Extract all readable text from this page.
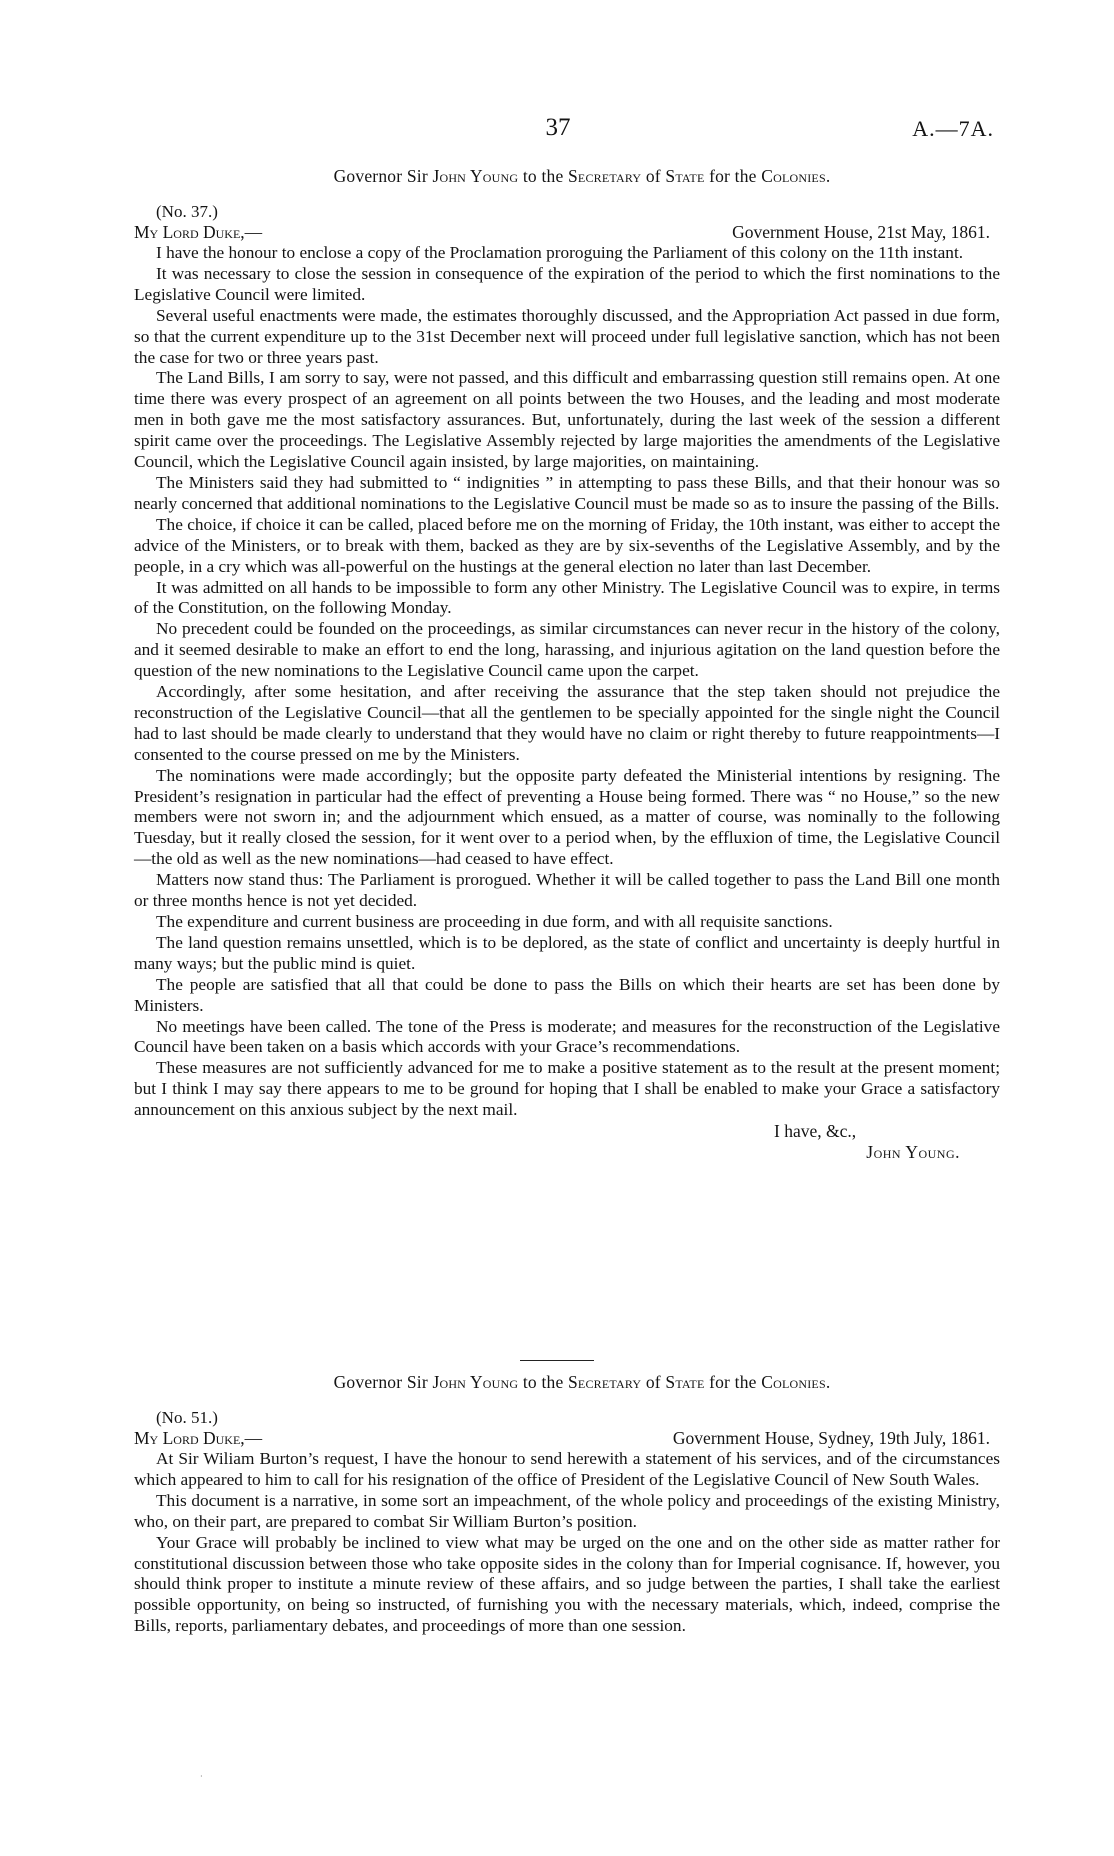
37	A.—7A.
Governor Sir John Young to the Secretary of State for the Colonies.
(No. 37.)
My Lord Duke,—	Government House, 21st May, 1861.

I have the honour to enclose a copy of the Proclamation proroguing the Parliament of this colony on the 11th instant.

It was necessary to close the session in consequence of the expiration of the period to which the first nominations to the Legislative Council were limited.

Several useful enactments were made, the estimates thoroughly discussed, and the Appropriation Act passed in due form, so that the current expenditure up to the 31st December next will proceed under full legislative sanction, which has not been the case for two or three years past.

The Land Bills, I am sorry to say, were not passed, and this difficult and embarrassing question still remains open. At one time there was every prospect of an agreement on all points between the two Houses, and the leading and most moderate men in both gave me the most satisfactory assurances. But, unfortunately, during the last week of the session a different spirit came over the proceedings. The Legislative Assembly rejected by large majorities the amendments of the Legislative Council, which the Legislative Council again insisted, by large majorities, on maintaining.

The Ministers said they had submitted to “ indignities ” in attempting to pass these Bills, and that their honour was so nearly concerned that additional nominations to the Legislative Council must be made so as to insure the passing of the Bills.

The choice, if choice it can be called, placed before me on the morning of Friday, the 10th instant, was either to accept the advice of the Ministers, or to break with them, backed as they are by six-sevenths of the Legislative Assembly, and by the people, in a cry which was all-powerful on the hustings at the general election no later than last December.

It was admitted on all hands to be impossible to form any other Ministry. The Legislative Council was to expire, in terms of the Constitution, on the following Monday.

No precedent could be founded on the proceedings, as similar circumstances can never recur in the history of the colony, and it seemed desirable to make an effort to end the long, harassing, and injurious agitation on the land question before the question of the new nominations to the Legislative Council came upon the carpet.

Accordingly, after some hesitation, and after receiving the assurance that the step taken should not prejudice the reconstruction of the Legislative Council—that all the gentlemen to be specially appointed for the single night the Council had to last should be made clearly to understand that they would have no claim or right thereby to future reappointments—I consented to the course pressed on me by the Ministers.

The nominations were made accordingly; but the opposite party defeated the Ministerial intentions by resigning. The President’s resignation in particular had the effect of preventing a House being formed. There was “ no House,” so the new members were not sworn in; and the adjournment which ensued, as a matter of course, was nominally to the following Tuesday, but it really closed the session, for it went over to a period when, by the effluxion of time, the Legislative Council—the old as well as the new nominations—had ceased to have effect.

Matters now stand thus: The Parliament is prorogued. Whether it will be called together to pass the Land Bill one month or three months hence is not yet decided.

The expenditure and current business are proceeding in due form, and with all requisite sanctions.

The land question remains unsettled, which is to be deplored, as the state of conflict and uncertainty is deeply hurtful in many ways; but the public mind is quiet.

The people are satisfied that all that could be done to pass the Bills on which their hearts are set has been done by Ministers.

No meetings have been called. The tone of the Press is moderate; and measures for the reconstruction of the Legislative Council have been taken on a basis which accords with your Grace’s recommendations.

These measures are not sufficiently advanced for me to make a positive statement as to the result at the present moment; but I think I may say there appears to me to be ground for hoping that I shall be enabled to make your Grace a satisfactory announcement on this anxious subject by the next mail.

I have, &c.,
John Young.
Governor Sir John Young to the Secretary of State for the Colonies.
(No. 51.)
My Lord Duke,—	Government House, Sydney, 19th July, 1861.

At Sir Wiliam Burton’s request, I have the honour to send herewith a statement of his services, and of the circumstances which appeared to him to call for his resignation of the office of President of the Legislative Council of New South Wales.

This document is a narrative, in some sort an impeachment, of the whole policy and proceedings of the existing Ministry, who, on their part, are prepared to combat Sir William Burton’s position.

Your Grace will probably be inclined to view what may be urged on the one and on the other side as matter rather for constitutional discussion between those who take opposite sides in the colony than for Imperial cognisance. If, however, you should think proper to institute a minute review of these affairs, and so judge between the parties, I shall take the earliest possible opportunity, on being so instructed, of furnishing you with the necessary materials, which, indeed, comprise the Bills, reports, parliamentary debates, and proceedings of more than one session.

·
